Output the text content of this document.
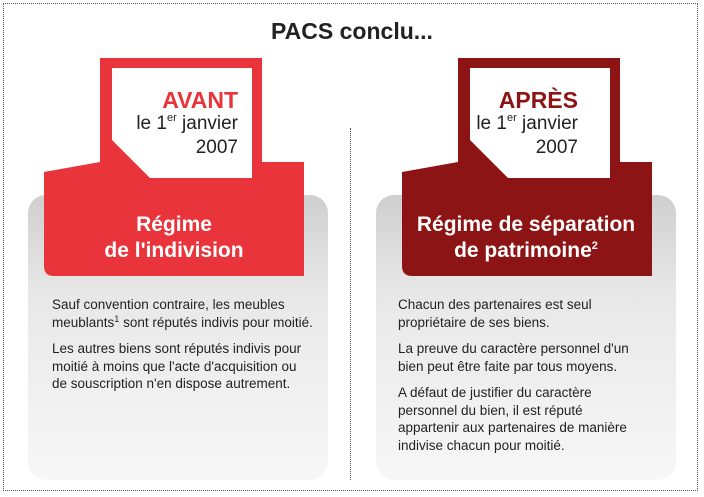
PACS conclu...
AVANT
le 1er janvier
2007
Régime
de l'indivision

Sauf convention contraire, les meubles meublants$^1$ sont réputés indivis pour moitié.

Les autres biens sont réputés indivis pour moitié à moins que l'acte d'acquisition ou de souscription n'en dispose autrement.

APRÈS
le 1er janvier
2007
Régime de séparation
de patrimoine$^2$

Chacun des partenaires est seul propriétaire de ses biens.

La preuve du caractère personnel d'un bien peut être faite par tous moyens.

A défaut de justifier du caractère personnel du bien, il est réputé appartenir aux partenaires de manière indivise chacun pour moitié.
